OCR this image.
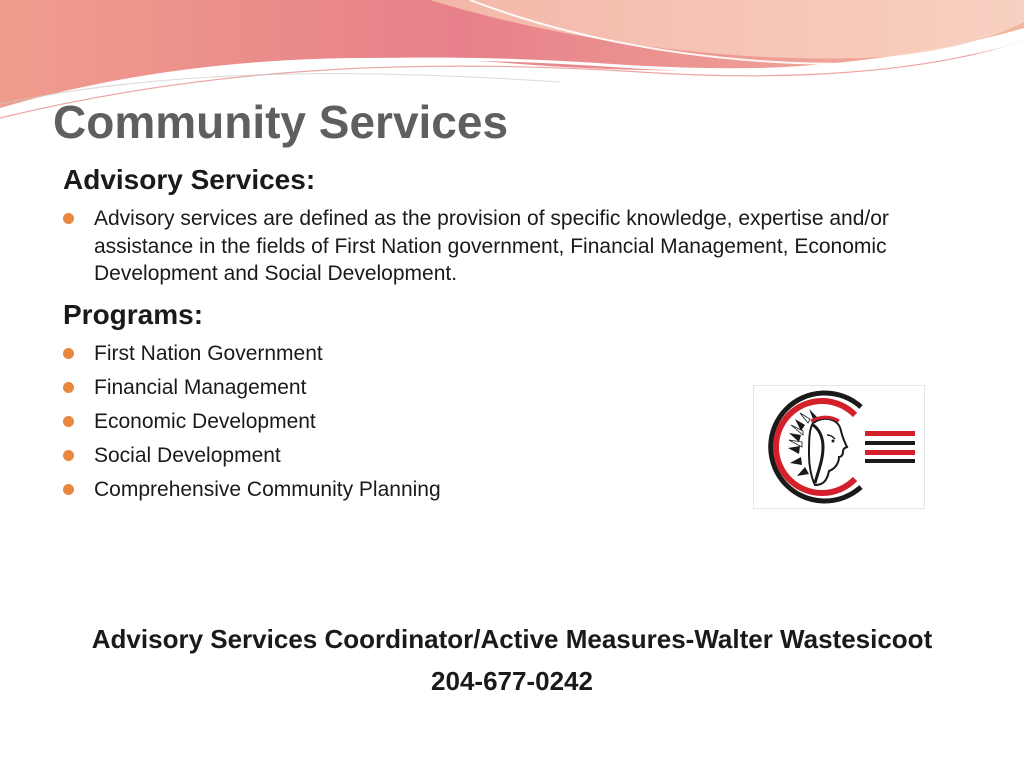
Community Services
Advisory Services:
Advisory services are defined as the provision of specific knowledge, expertise and/or assistance in the fields of First Nation government, Financial Management, Economic Development and Social Development.
Programs:
First Nation Government
Financial Management
Economic Development
Social Development
Comprehensive Community Planning
Advisory Services Coordinator/Active Measures-Walter Wastesicoot
204-677-0242
